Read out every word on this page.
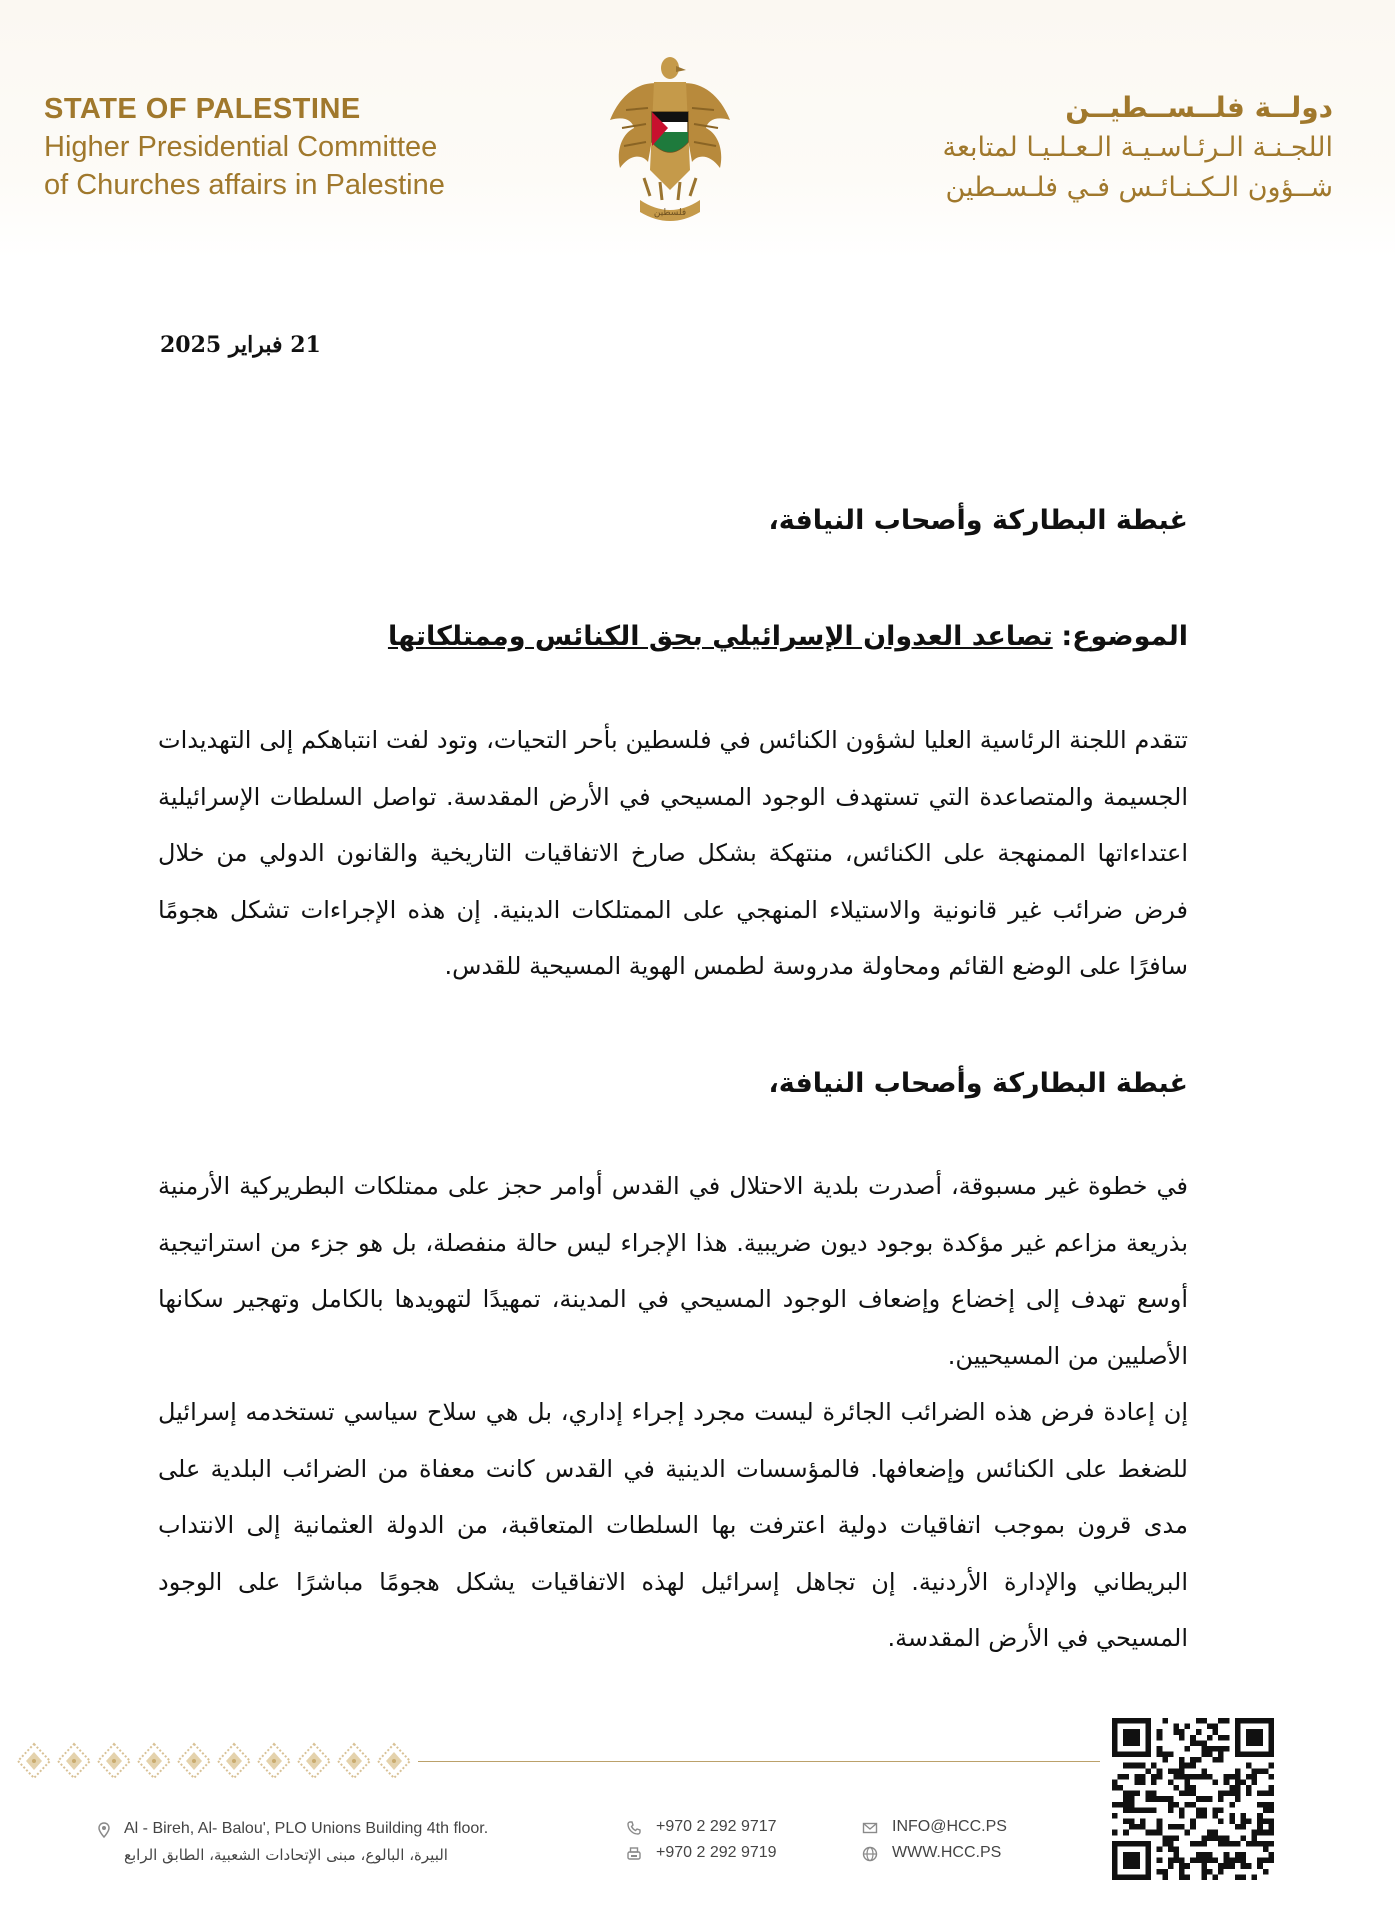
STATE OF PALESTINE
Higher Presidential Committee
of Churches affairs in Palestine
فلسطين
دولــة فلــســطيــن
اللجـنـة الـرئـاسـيـة الـعـلـيـا لمتابعة
شــؤون الـكـنـائـس فـي فلـسـطين
21 فبراير 2025
غبطة البطاركة وأصحاب النيافة،
الموضوع: تصاعد العدوان الإسرائيلي بحق الكنائس وممتلكاتها
تتقدم اللجنة الرئاسية العليا لشؤون الكنائس في فلسطين بأحر التحيات، وتود لفت انتباهكم إلى التهديدات الجسيمة والمتصاعدة التي تستهدف الوجود المسيحي في الأرض المقدسة. تواصل السلطات الإسرائيلية اعتداءاتها الممنهجة على الكنائس، منتهكة بشكل صارخ الاتفاقيات التاريخية والقانون الدولي من خلال فرض ضرائب غير قانونية والاستيلاء المنهجي على الممتلكات الدينية. إن هذه الإجراءات تشكل هجومًا سافرًا على الوضع القائم ومحاولة مدروسة لطمس الهوية المسيحية للقدس.
غبطة البطاركة وأصحاب النيافة،
في خطوة غير مسبوقة، أصدرت بلدية الاحتلال في القدس أوامر حجز على ممتلكات البطريركية الأرمنية بذريعة مزاعم غير مؤكدة بوجود ديون ضريبية. هذا الإجراء ليس حالة منفصلة، بل هو جزء من استراتيجية أوسع تهدف إلى إخضاع وإضعاف الوجود المسيحي في المدينة، تمهيدًا لتهويدها بالكامل وتهجير سكانها الأصليين من المسيحيين.
إن إعادة فرض هذه الضرائب الجائرة ليست مجرد إجراء إداري، بل هي سلاح سياسي تستخدمه إسرائيل للضغط على الكنائس وإضعافها. فالمؤسسات الدينية في القدس كانت معفاة من الضرائب البلدية على مدى قرون بموجب اتفاقيات دولية اعترفت بها السلطات المتعاقبة، من الدولة العثمانية إلى الانتداب البريطاني والإدارة الأردنية. إن تجاهل إسرائيل لهذه الاتفاقيات يشكل هجومًا مباشرًا على الوجود المسيحي في الأرض المقدسة.
Al - Bireh, Al- Balou', PLO Unions Building 4th floor.
البيرة، البالوع، مبنى الإتحادات الشعبية، الطابق الرابع
+970 2 292 9717
+970 2 292 9719
INFO@HCC.PS
WWW.HCC.PS
